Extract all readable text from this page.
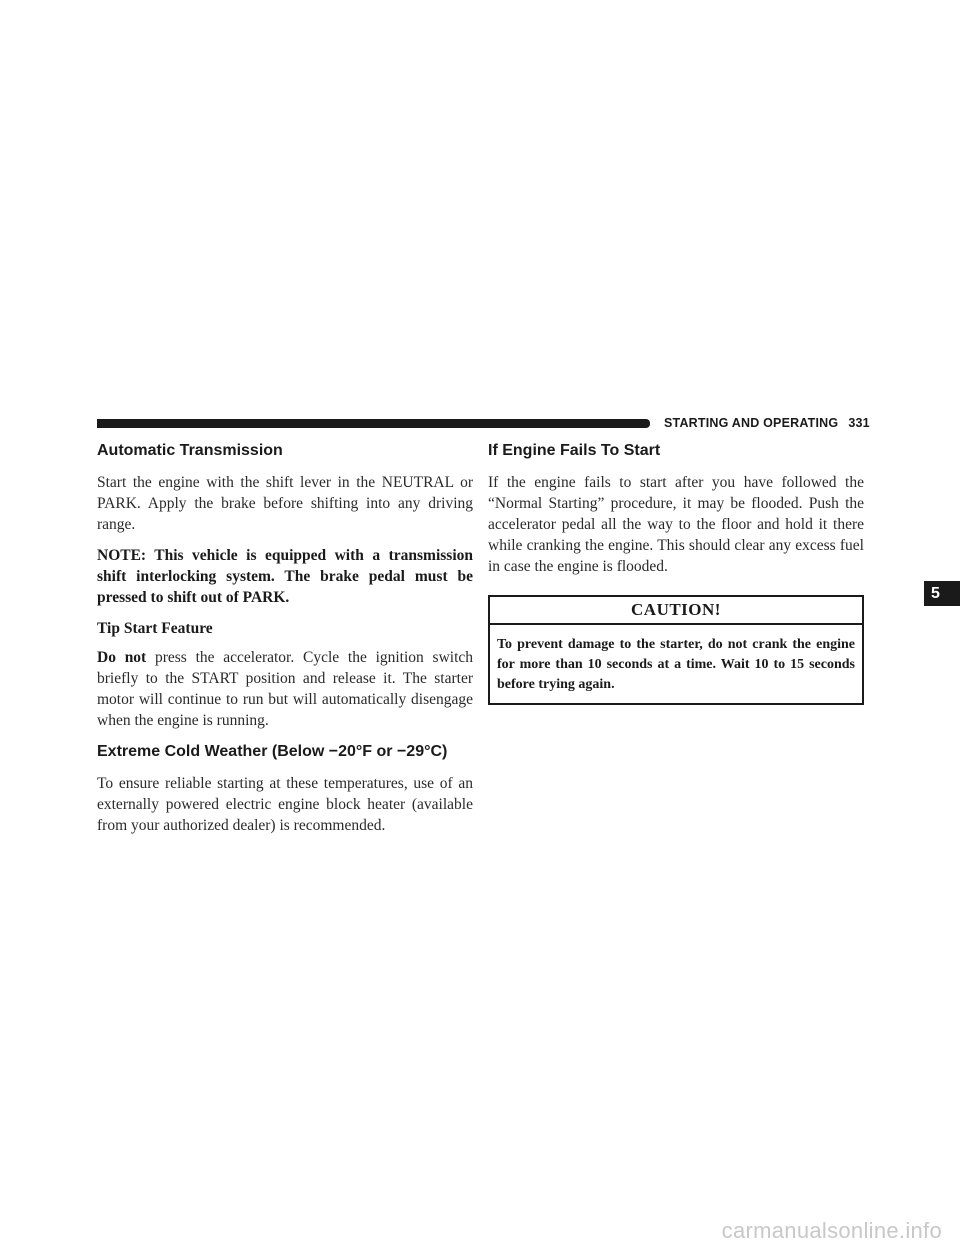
STARTING AND OPERATING 331
Automatic Transmission

Start the engine with the shift lever in the NEUTRAL or PARK. Apply the brake before shifting into any driving range.

NOTE: This vehicle is equipped with a transmission shift interlocking system. The brake pedal must be pressed to shift out of PARK.

Tip Start Feature

Do not press the accelerator. Cycle the ignition switch briefly to the START position and release it. The starter motor will continue to run but will automatically disengage when the engine is running.

Extreme Cold Weather (Below −20°F or −29°C)

To ensure reliable starting at these temperatures, use of an externally powered electric engine block heater (available from your authorized dealer) is recommended.

If Engine Fails To Start

If the engine fails to start after you have followed the “Normal Starting” procedure, it may be flooded. Push the accelerator pedal all the way to the floor and hold it there while cranking the engine. This should clear any excess fuel in case the engine is flooded.

CAUTION!
To prevent damage to the starter, do not crank the engine for more than 10 seconds at a time. Wait 10 to 15 seconds before trying again.
5
carmanualsonline.info
